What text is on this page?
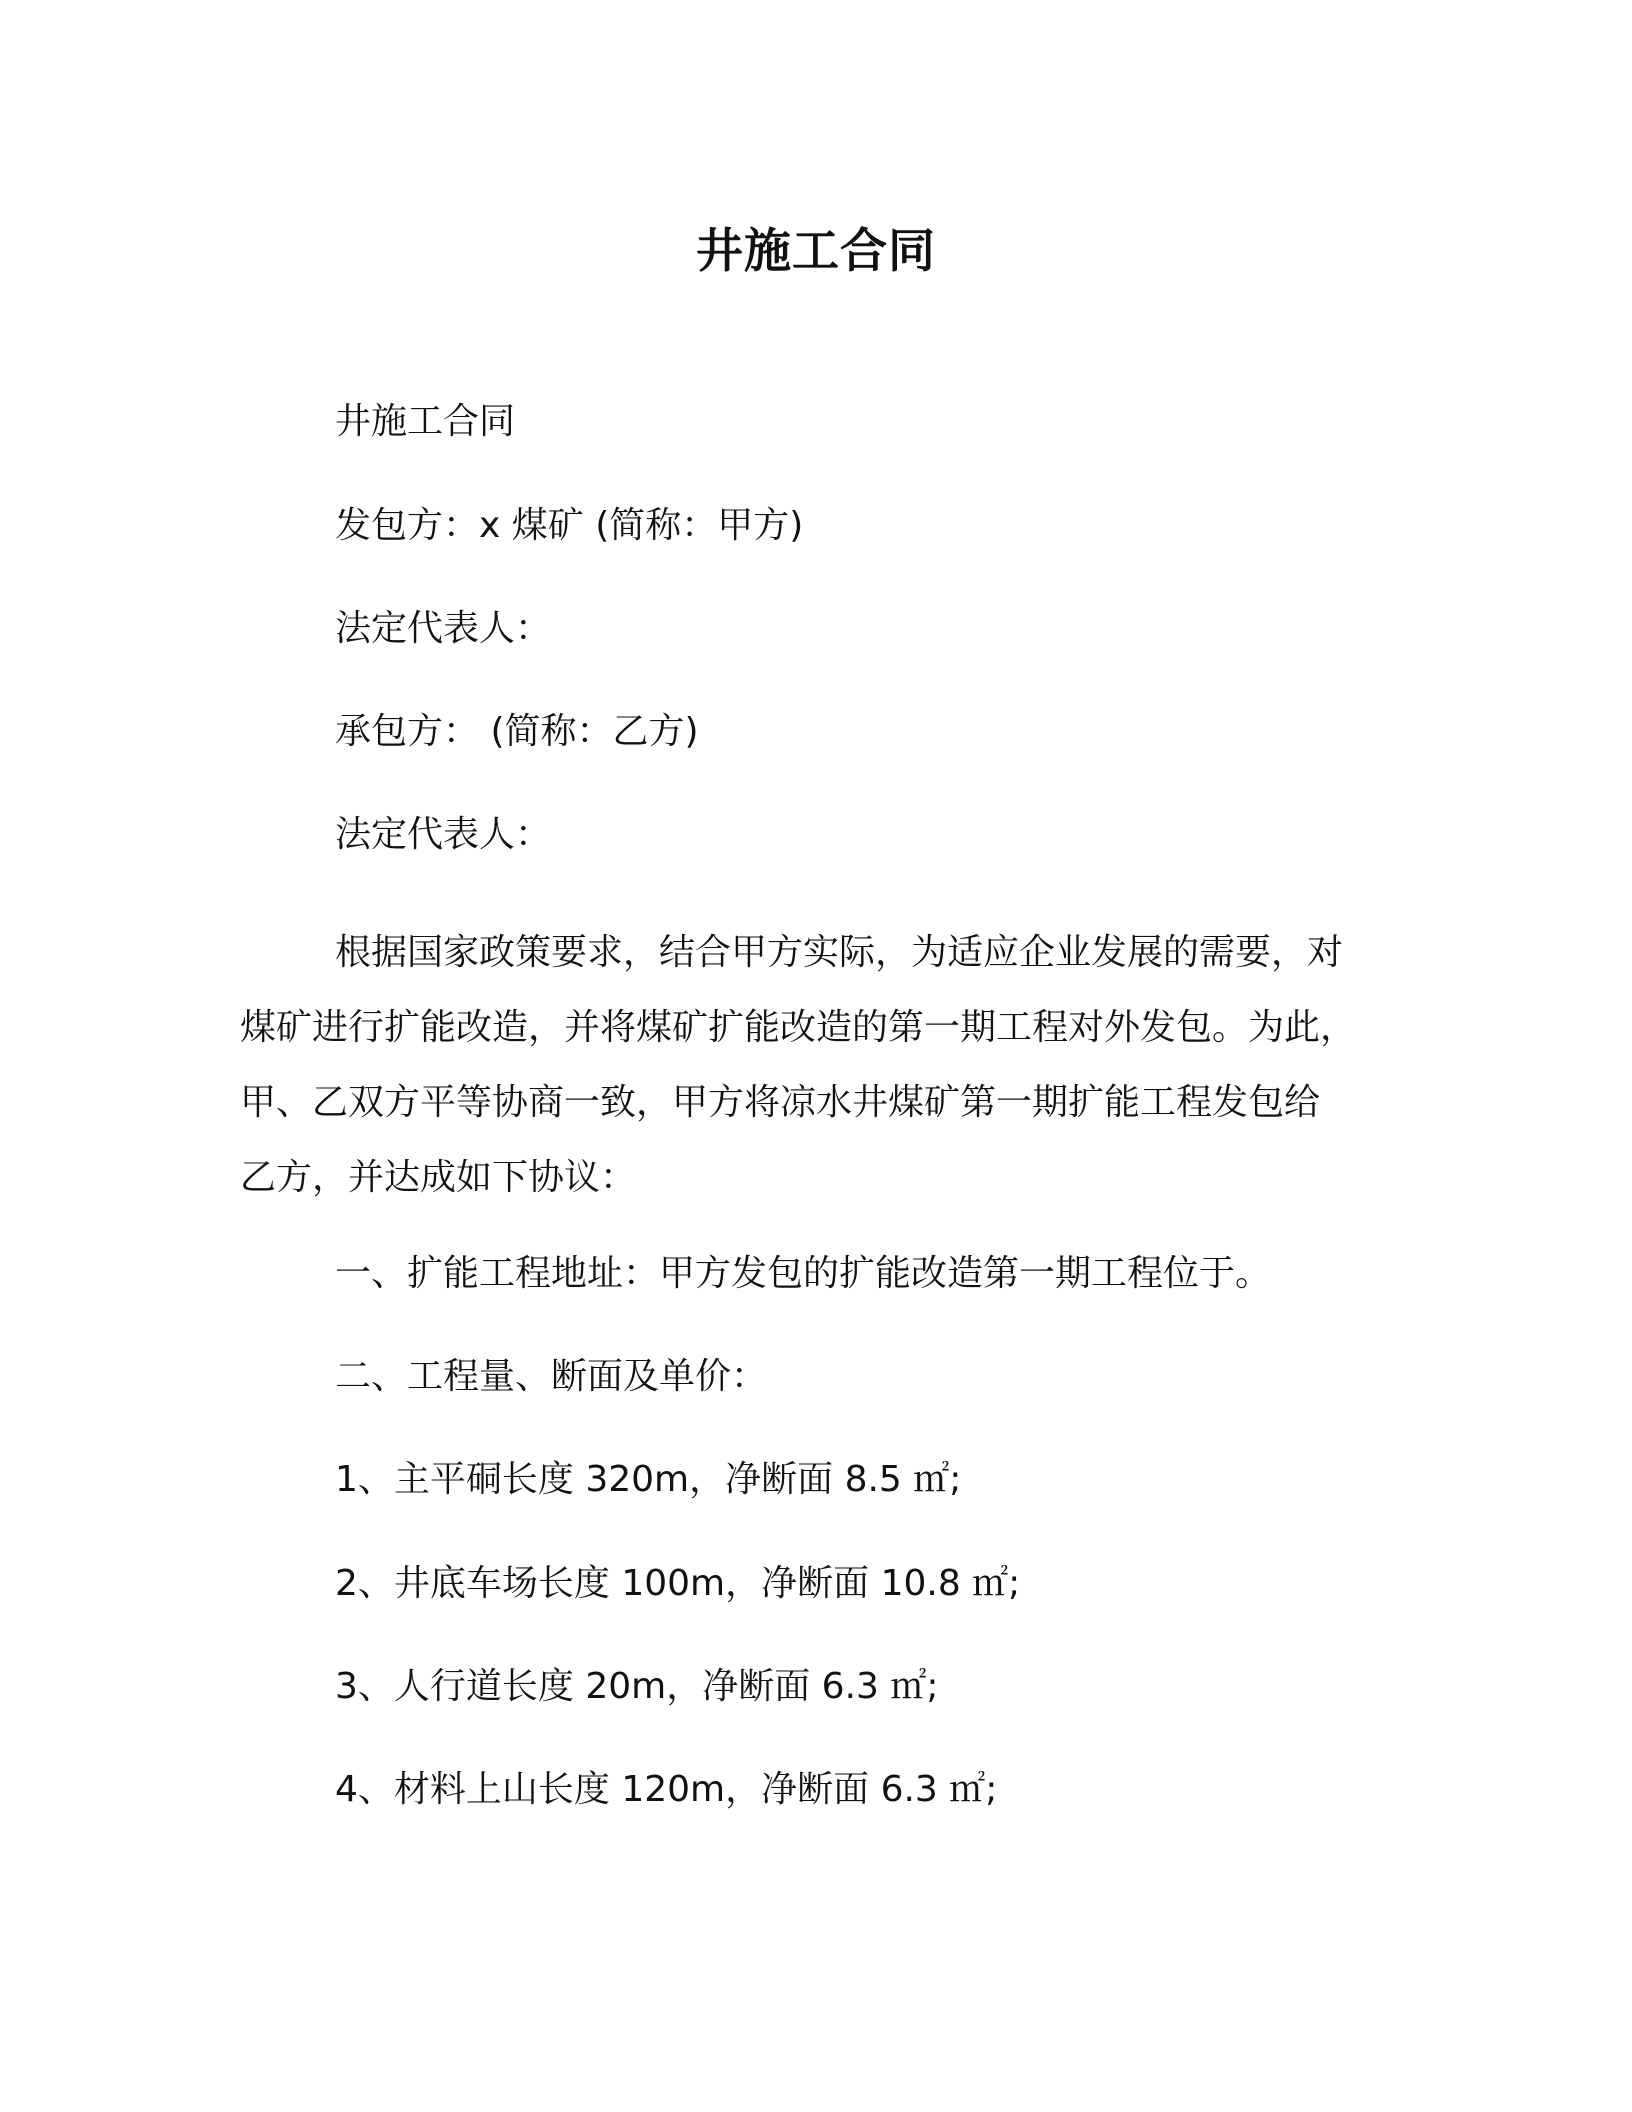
井施工合同
井施工合同
发包方：x 煤矿 (简称：甲方)
法定代表人：
承包方： (简称：乙方)
法定代表人：
根据国家政策要求，结合甲方实际，为适应企业发展的需要，对
煤矿进行扩能改造，并将煤矿扩能改造的第一期工程对外发包。为此，
甲、乙双方平等协商一致，甲方将凉水井煤矿第一期扩能工程发包给
乙方，并达成如下协议：
一、扩能工程地址：甲方发包的扩能改造第一期工程位于。
二、工程量、断面及单价：
1、主平硐长度 320m，净断面 8.5 ㎡;
2、井底车场长度 100m，净断面 10.8 ㎡;
3、人行道长度 20m，净断面 6.3 ㎡;
4、材料上山长度 120m，净断面 6.3 ㎡;
